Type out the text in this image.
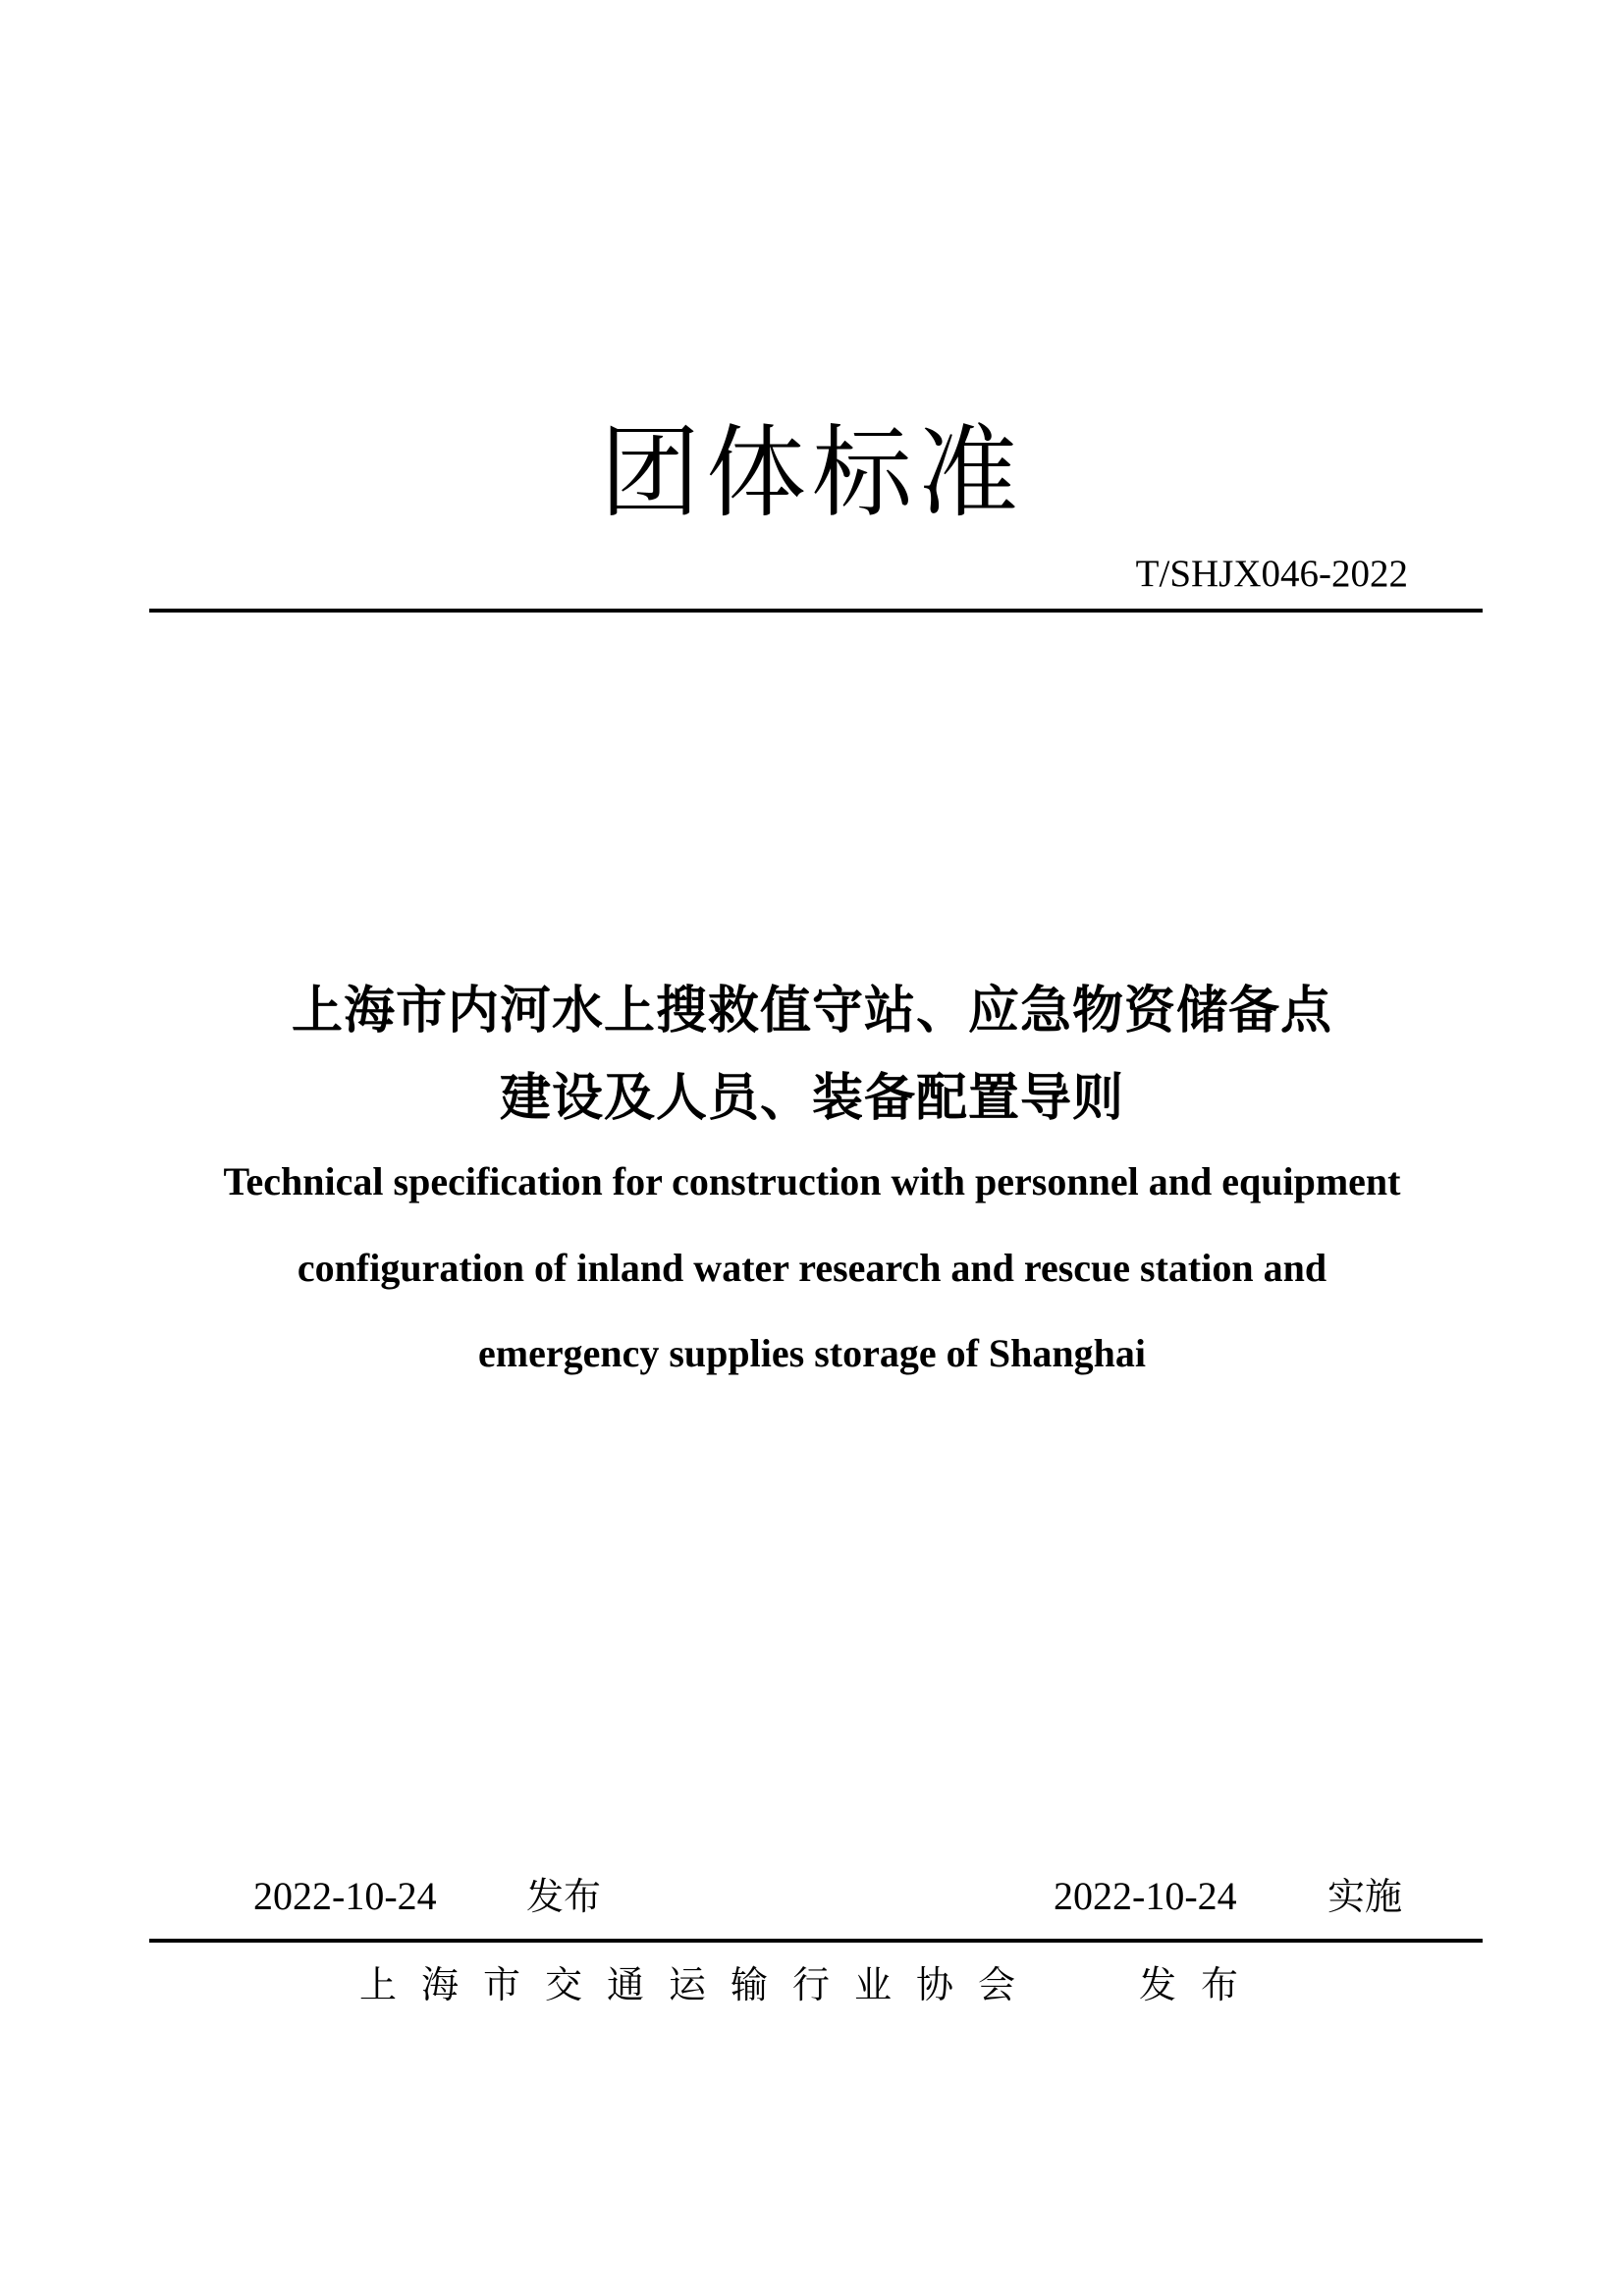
团体标准
T/SHJX046-2022
上海市内河水上搜救值守站、应急物资储备点
建设及人员、装备配置导则
Technical specification for construction with personnel and equipment
configuration of inland water research and rescue station and
emergency supplies storage of Shanghai
2022-10-24 发布	2022-10-24 实施
上海市交通运输行业协会	发布
